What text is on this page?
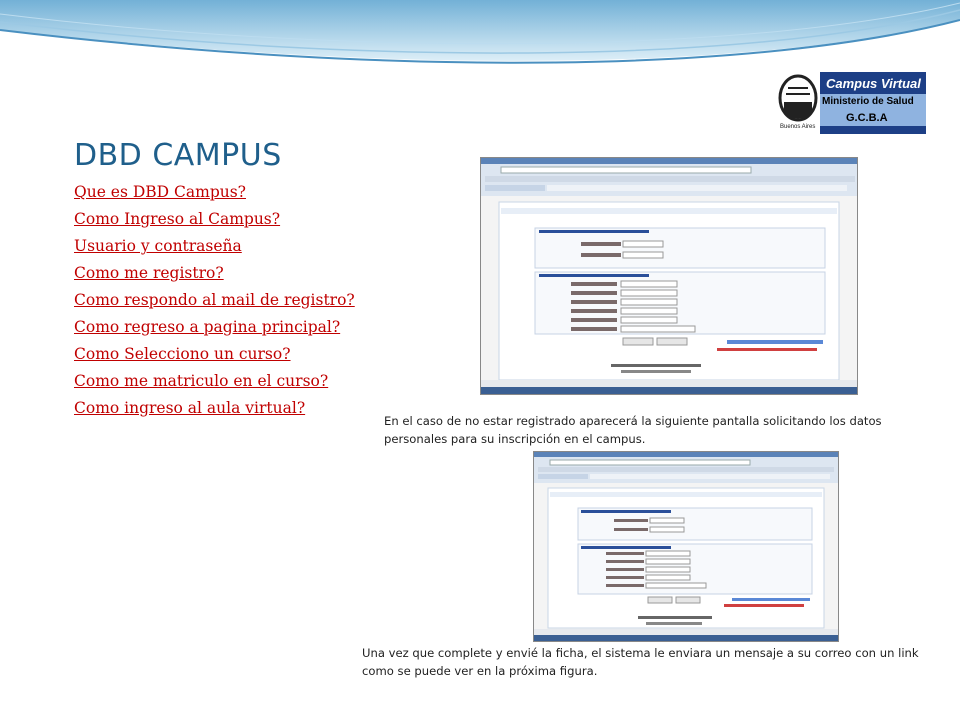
Buenos Aires
Campus Virtual
Ministerio de Salud
G.C.B.A
DBD CAMPUS
Que es DBD Campus?
Como Ingreso al Campus?
Usuario y contraseña
Como me registro?
Como respondo al mail de registro?
Como regreso a pagina principal?
Como Selecciono un curso?
Como me matriculo en el curso?
Como ingreso al aula virtual?
En el caso de no estar registrado aparecerá la siguiente pantalla solicitando los datos personales para su inscripción en el campus.
Una vez que complete y envié la ficha, el sistema le enviara un mensaje a su correo con un link como se puede ver en la próxima figura.
